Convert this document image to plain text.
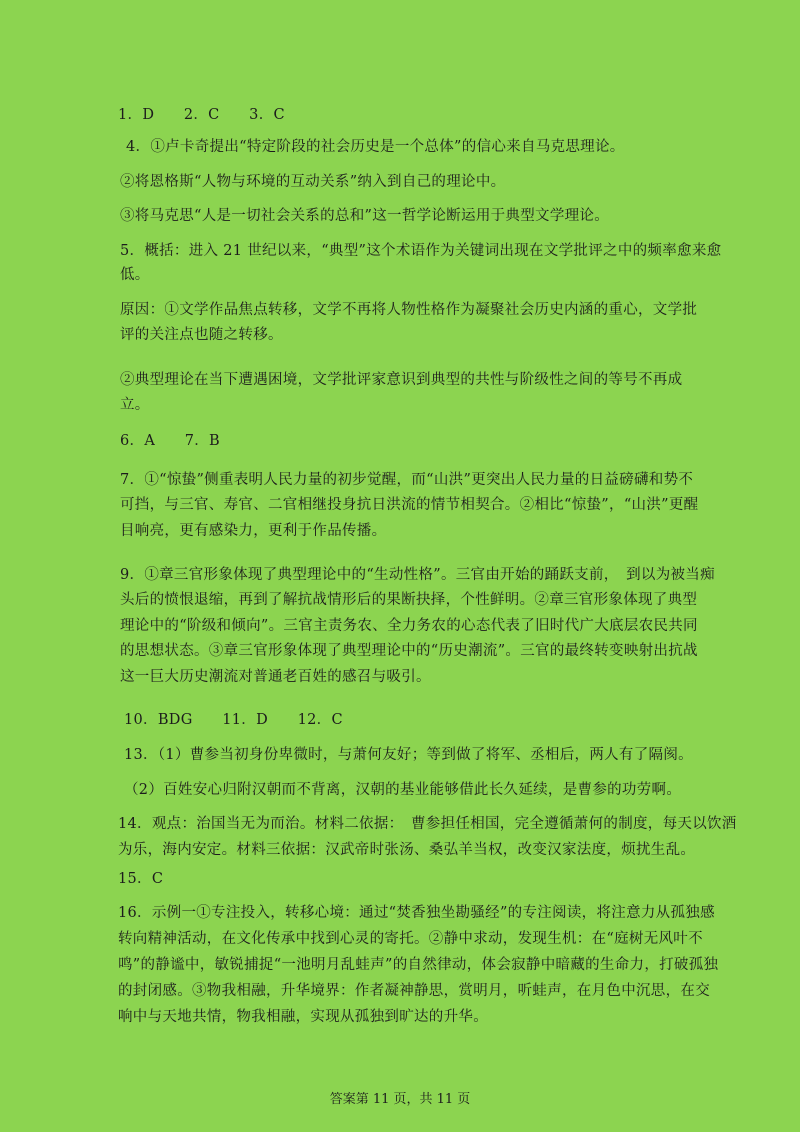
1．D　　2．C　　3．C
4．①卢卡奇提出“特定阶段的社会历史是一个总体”的信心来自马克思理论。
②将恩格斯“人物与环境的互动关系”纳入到自己的理论中。
③将马克思“人是一切社会关系的总和”这一哲学论断运用于典型文学理论。
5．概括：进入 21 世纪以来，“典型”这个术语作为关键词出现在文学批评之中的频率愈来愈
低。
原因：①文学作品焦点转移，文学不再将人物性格作为凝聚社会历史内涵的重心，文学批
评的关注点也随之转移。
②典型理论在当下遭遇困境，文学批评家意识到典型的共性与阶级性之间的等号不再成
立。
6．A　　7．B
7．①“惊蛰”侧重表明人民力量的初步觉醒，而“山洪”更突出人民力量的日益磅礴和势不
可挡，与三官、寿官、二官相继投身抗日洪流的情节相契合。②相比“惊蛰”，“山洪”更醒
目响亮，更有感染力，更利于作品传播。
9．①章三官形象体现了典型理论中的“生动性格”。三官由开始的踊跃支前，　到以为被当痴
头后的愤恨退缩，再到了解抗战情形后的果断抉择，个性鲜明。②章三官形象体现了典型
理论中的“阶级和倾向”。三官主责务农、全力务农的心态代表了旧时代广大底层农民共同
的思想状态。③章三官形象体现了典型理论中的“历史潮流”。三官的最终转变映射出抗战
这一巨大历史潮流对普通老百姓的感召与吸引。
10．BDG　　11．D　　12．C
13．（1）曹参当初身份卑微时，与萧何友好；等到做了将军、丞相后，两人有了隔阂。
（2）百姓安心归附汉朝而不背离，汉朝的基业能够借此长久延续，是曹参的功劳啊。
14．观点：治国当无为而治。材料二依据：　曹参担任相国，完全遵循萧何的制度，每天以饮酒
为乐，海内安定。材料三依据：汉武帝时张汤、桑弘羊当权，改变汉家法度，烦扰生乱。
15．C
16．示例一①专注投入，转移心境：通过“焚香独坐勘骚经”的专注阅读，将注意力从孤独感
转向精神活动，在文化传承中找到心灵的寄托。②静中求动，发现生机：在“庭树无风叶不
鸣”的静谧中，敏锐捕捉“一池明月乱蛙声”的自然律动，体会寂静中暗藏的生命力，打破孤独
的封闭感。③物我相融，升华境界：作者凝神静思，赏明月，听蛙声，在月色中沉思，在交
响中与天地共情，物我相融，实现从孤独到旷达的升华。
答案第 11 页，共 11 页
